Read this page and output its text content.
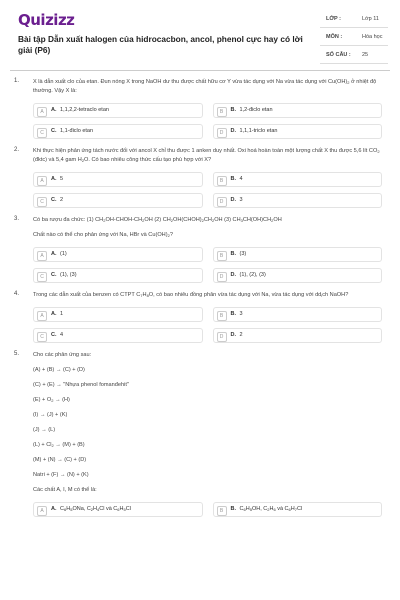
Quizizz
Bài tập Dẫn xuất halogen của hidrocacbon, ancol, phenol cực hay có lời giải (P6)
LỚP :	Lớp 11
MÔN :	Hóa học
SỐ CÂU : 25
1. X là dẫn xuất clo của etan. Đun nóng X trong NaOH dư thu được chất hữu cơ Y vừa tác dụng với Na vừa tác dụng với $Cu(OH)_2$ ở nhiệt độ thường. Vậy X là:
A	A. 1,1,2,2-tetraclo etan	B	B. 1,2-điclo etan
C	C. 1,1-điclo etan	D	D. 1,1,1-triclo etan
2. Khi thực hiện phản ứng tách nước đối với ancol X chỉ thu được 1 anken duy nhất. Oxi hoá hoàn toàn một lượng chất X thu được 5,6 lít $CO_2$ (đktc) và 5,4 gam $H_2O$. Có bao nhiêu công thức cấu tạo phù hợp với X?
A	A. 5	B	B. 4
C	C. 2	D	D. 3
3. Có ba rượu đa chức: (1) $CH_2OH-CHOH-CH_2OH$ (2) $CH_2OH(CHOH)_2CH_2OH$ (3) $CH_3CH(OH)CH_2OH$
Chất nào có thể cho phản ứng với Na, HBr và $Cu(OH)_2$?
A	A. (1)	B	B. (3)
C	C. (1), (3)	D	D. (1), (2), (3)
4. Trong các dẫn xuất của benzen có CTPT $C_7H_8O$, có bao nhiêu đồng phân vừa tác dụng với Na, vừa tác dụng với $dd_ich$ NaOH?
A	A. 1	B	B. 3
C	C. 4	D	D. 2
5. Cho các phản ứng sau:
(A) + (B) → (C) + (D)
(C) + (E) → "Nhựa phenol fomanđehit"
$(E) + O_2 \to (H)$
(I) → (J) + (K)
(J) → (L)
$(L) + Cl_2 \to (M) + (B)$
(M) + (N) → (C) + (D)
Natri + (F) → (N) + (K)
Các chất A, I, M có thể là:
A	A. $C_6H_5ONa$, $C_2H_4Cl$ và $C_6H_5Cl$	B	B. $C_6H_5OH$, $C_2H_6$ và $C_6H_7Cl$
